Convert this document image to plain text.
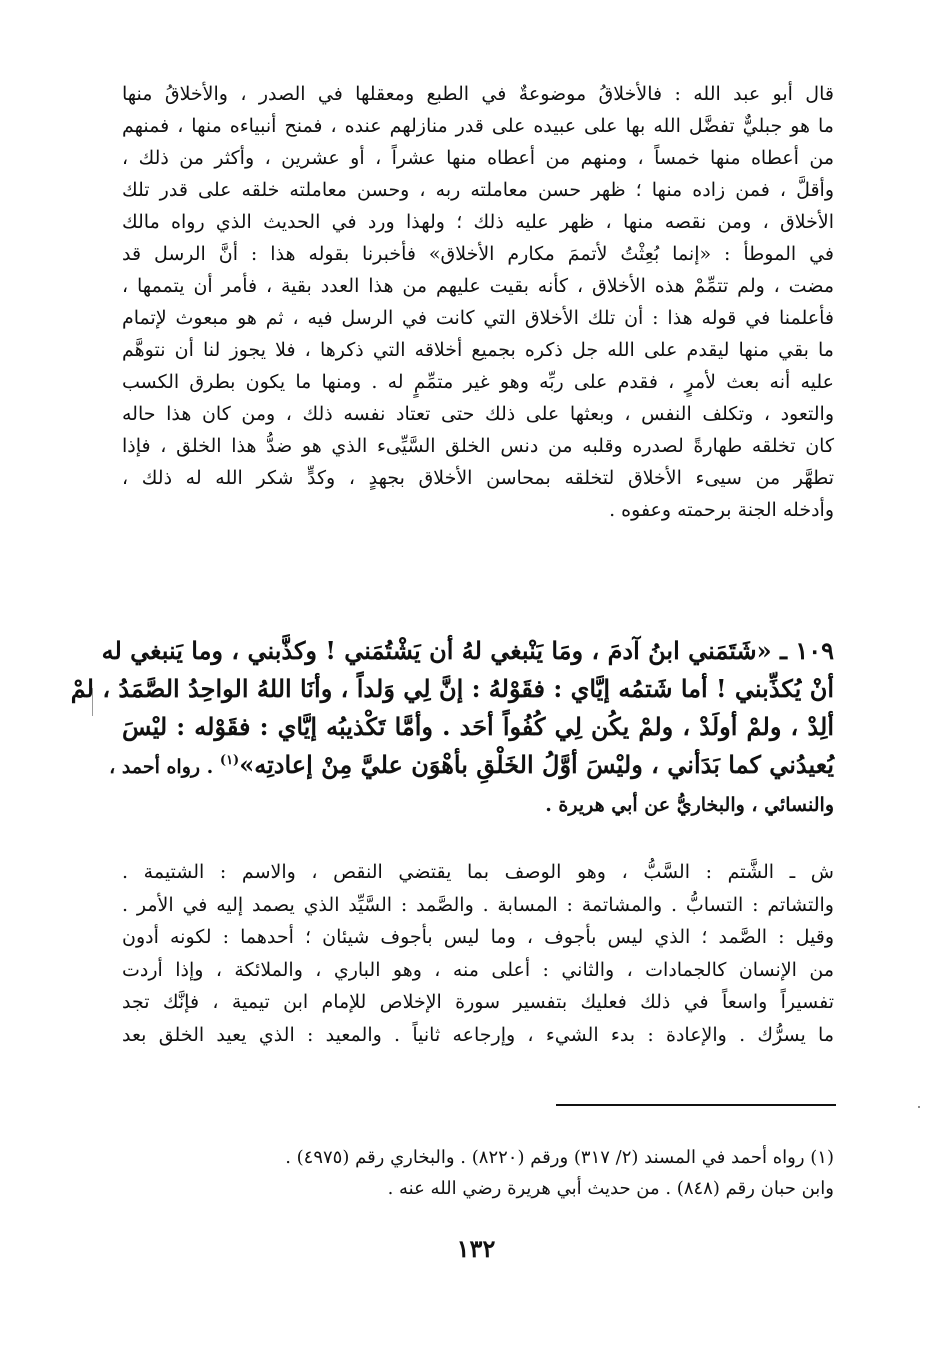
قال أبو عبد الله : فالأخلاقُ موضوعةٌ في الطبع ومعقلها في الصدر ، والأخلاقُ منها
ما هو جبليٌّ تفضَّل الله بها على عبيده على قدر منازلهم عنده ، فمنح أنبياءه منها ، فمنهم
من أعطاه منها خمساً ، ومنهم من أعطاه منها عشراً ، أو عشرين ، وأكثر من ذلك ،
وأقلَّ ، فمن زاده منها ؛ ظهر حسن معاملته ربه ، وحسن معاملته خلقه على قدر تلك
الأخلاق ، ومن نقصه منها ، ظهر عليه ذلك ؛ ولهذا ورد في الحديث الذي رواه مالك
في الموطأ : «إنما بُعِثْتُ لأتممَ مكارم الأخلاق» فأخبرنا بقوله هذا : أنَّ الرسل قد
مضت ، ولم تتمِّمْ هذه الأخلاق ، كأنه بقيت عليهم من هذا العدد بقية ، فأمر أن يتممها ،
فأعلمنا في قوله هذا : أن تلك الأخلاق التي كانت في الرسل فيه ، ثم هو مبعوث لإتمام
ما بقي منها ليقدم على الله جل ذكره بجميع أخلاقه التي ذكرها ، فلا يجوز لنا أن نتوهَّم
عليه أنه بعث لأمرٍ ، فقدم على ربِّه وهو غير متمِّمٍ له . ومنها ما يكون بطرق الكسب
والتعود ، وتكلف النفس ، وبعثها على ذلك حتى تعتاد نفسه ذلك ، ومن كان هذا حاله
كان تخلقه طهارةً لصدره وقلبه من دنس الخلق السَّيِّىء الذي هو ضدُّ هذا الخلق ، فإذا
تطهَّر من سيىء الأخلاق لتخلقه بمحاسن الأخلاق بجهدٍ ، وكدٍّ شكر الله له ذلك ،
وأدخله الجنة برحمته وعفوه .
١٠٩ ـ «شَتَمَني ابنُ آدمَ ، ومَا يَنْبغي لهُ أن يَشْتُمَني ! وكذَّبني ، وما يَنبغي له
أنْ يُكذِّبني ! أما شَتمُه إيَّاي : فقَوْلهُ : إنَّ لِي وَلداً ، وأنَا اللهُ الواحِدُ الصَّمَدُ ، لمْ
ألِدْ ، ولمْ أولَدْ ، ولمْ يكُن لِي كُفُواً أحَد . وأمَّا تَكْذيبُه إيَّاي : فقَوْله : ليْسَ
يُعيدُني كما بَدَأني ، وليْسَ أوَّلُ الخَلْقِ بأهْوَن عليَّ مِنْ إعادتِه»$^{(١)}$ . رواه أحمد ،
والنسائي ، والبخاريُّ عن أبي هريرة .
ش ـ الشَّتم : السَّبُّ ، وهو الوصف بما يقتضي النقص ، والاسم : الشتيمة .
والتشاتم : التسابُّ . والمشاتمة : المسابة . والصَّمد : السَّيِّد الذي يصمد إليه في الأمر .
وقيل : الصَّمد ؛ الذي ليس بأجوف ، وما ليس بأجوف شيئان ؛ أحدهما : لكونه أدون
من الإنسان كالجمادات ، والثاني : أعلى منه ، وهو الباري ، والملائكة ، وإذا أردت
تفسيراً واسعاً في ذلك فعليك بتفسير سورة الإخلاص للإمام ابن تيمية ، فإنَّك تجد
ما يسرُّك . والإعادة : بدء الشيء ، وإرجاعه ثانياً . والمعيد : الذي يعيد الخلق بعد
(١) رواه أحمد في المسند (٢/ ٣١٧) ورقم (٨٢٢٠) . والبخاري رقم (٤٩٧٥) .
وابن حبان رقم (٨٤٨) . من حديث أبي هريرة رضي الله عنه .
١٣٢
